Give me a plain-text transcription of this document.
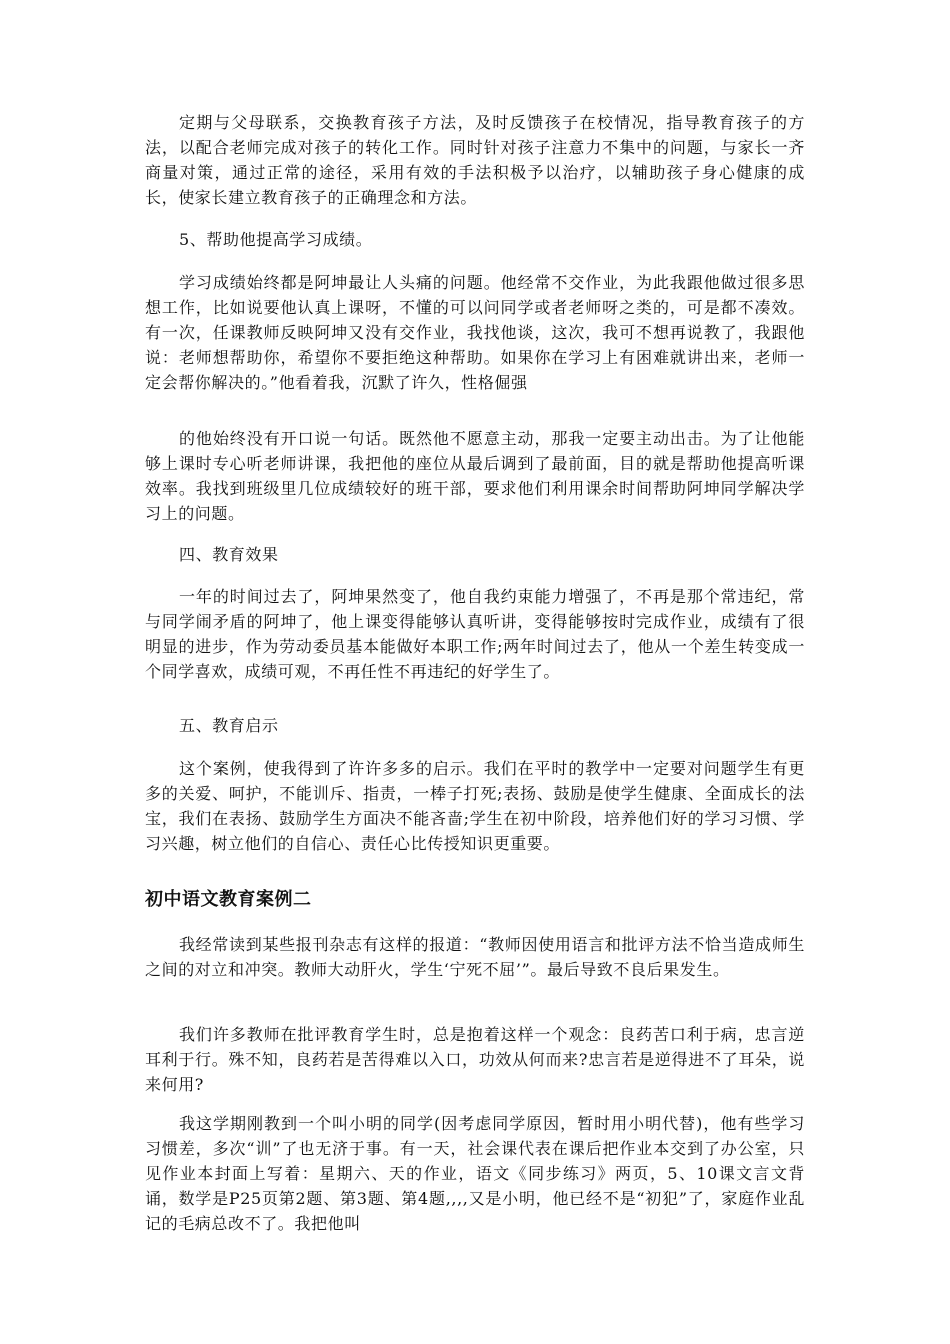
定期与父母联系，交换教育孩子方法，及时反馈孩子在校情况，指导教育孩子的方法，以配合老师完成对孩子的转化工作。同时针对孩子注意力不集中的问题，与家长一齐商量对策，通过正常的途径，采用有效的手法积极予以治疗，以辅助孩子身心健康的成长，使家长建立教育孩子的正确理念和方法。

5、帮助他提高学习成绩。

学习成绩始终都是阿坤最让人头痛的问题。他经常不交作业，为此我跟他做过很多思想工作，比如说要他认真上课呀，不懂的可以问同学或者老师呀之类的，可是都不凑效。有一次，任课教师反映阿坤又没有交作业，我找他谈，这次，我可不想再说教了，我跟他说：老师想帮助你，希望你不要拒绝这种帮助。如果你在学习上有困难就讲出来，老师一定会帮你解决的。”他看着我，沉默了许久，性格倔强

的他始终没有开口说一句话。既然他不愿意主动，那我一定要主动出击。为了让他能够上课时专心听老师讲课，我把他的座位从最后调到了最前面，目的就是帮助他提高听课效率。我找到班级里几位成绩较好的班干部，要求他们利用课余时间帮助阿坤同学解决学习上的问题。

四、教育效果

一年的时间过去了，阿坤果然变了，他自我约束能力增强了，不再是那个常违纪，常与同学闹矛盾的阿坤了，他上课变得能够认真听讲，变得能够按时完成作业，成绩有了很明显的进步，作为劳动委员基本能做好本职工作;两年时间过去了，他从一个差生转变成一个同学喜欢，成绩可观，不再任性不再违纪的好学生了。

五、教育启示

这个案例，使我得到了许许多多的启示。我们在平时的教学中一定要对问题学生有更多的关爱、呵护，不能训斥、指责，一棒子打死;表扬、鼓励是使学生健康、全面成长的法宝，我们在表扬、鼓励学生方面决不能吝啬;学生在初中阶段，培养他们好的学习习惯、学习兴趣，树立他们的自信心、责任心比传授知识更重要。

初中语文教育案例二

我经常读到某些报刊杂志有这样的报道：“教师因使用语言和批评方法不恰当造成师生之间的对立和冲突。教师大动肝火，学生‘宁死不屈’”。最后导致不良后果发生。

我们许多教师在批评教育学生时，总是抱着这样一个观念：良药苦口利于病，忠言逆耳利于行。殊不知，良药若是苦得难以入口，功效从何而来?忠言若是逆得进不了耳朵，说来何用?

我这学期刚教到一个叫小明的同学(因考虑同学原因，暂时用小明代替)，他有些学习习惯差，多次“训”了也无济于事。有一天，社会课代表在课后把作业本交到了办公室，只见作业本封面上写着：星期六、天的作业，语文《同步练习》两页，5、10课文言文背诵，数学是P25页第2题、第3题、第4题,,,,又是小明，他已经不是“初犯”了，家庭作业乱记的毛病总改不了。我把他叫
